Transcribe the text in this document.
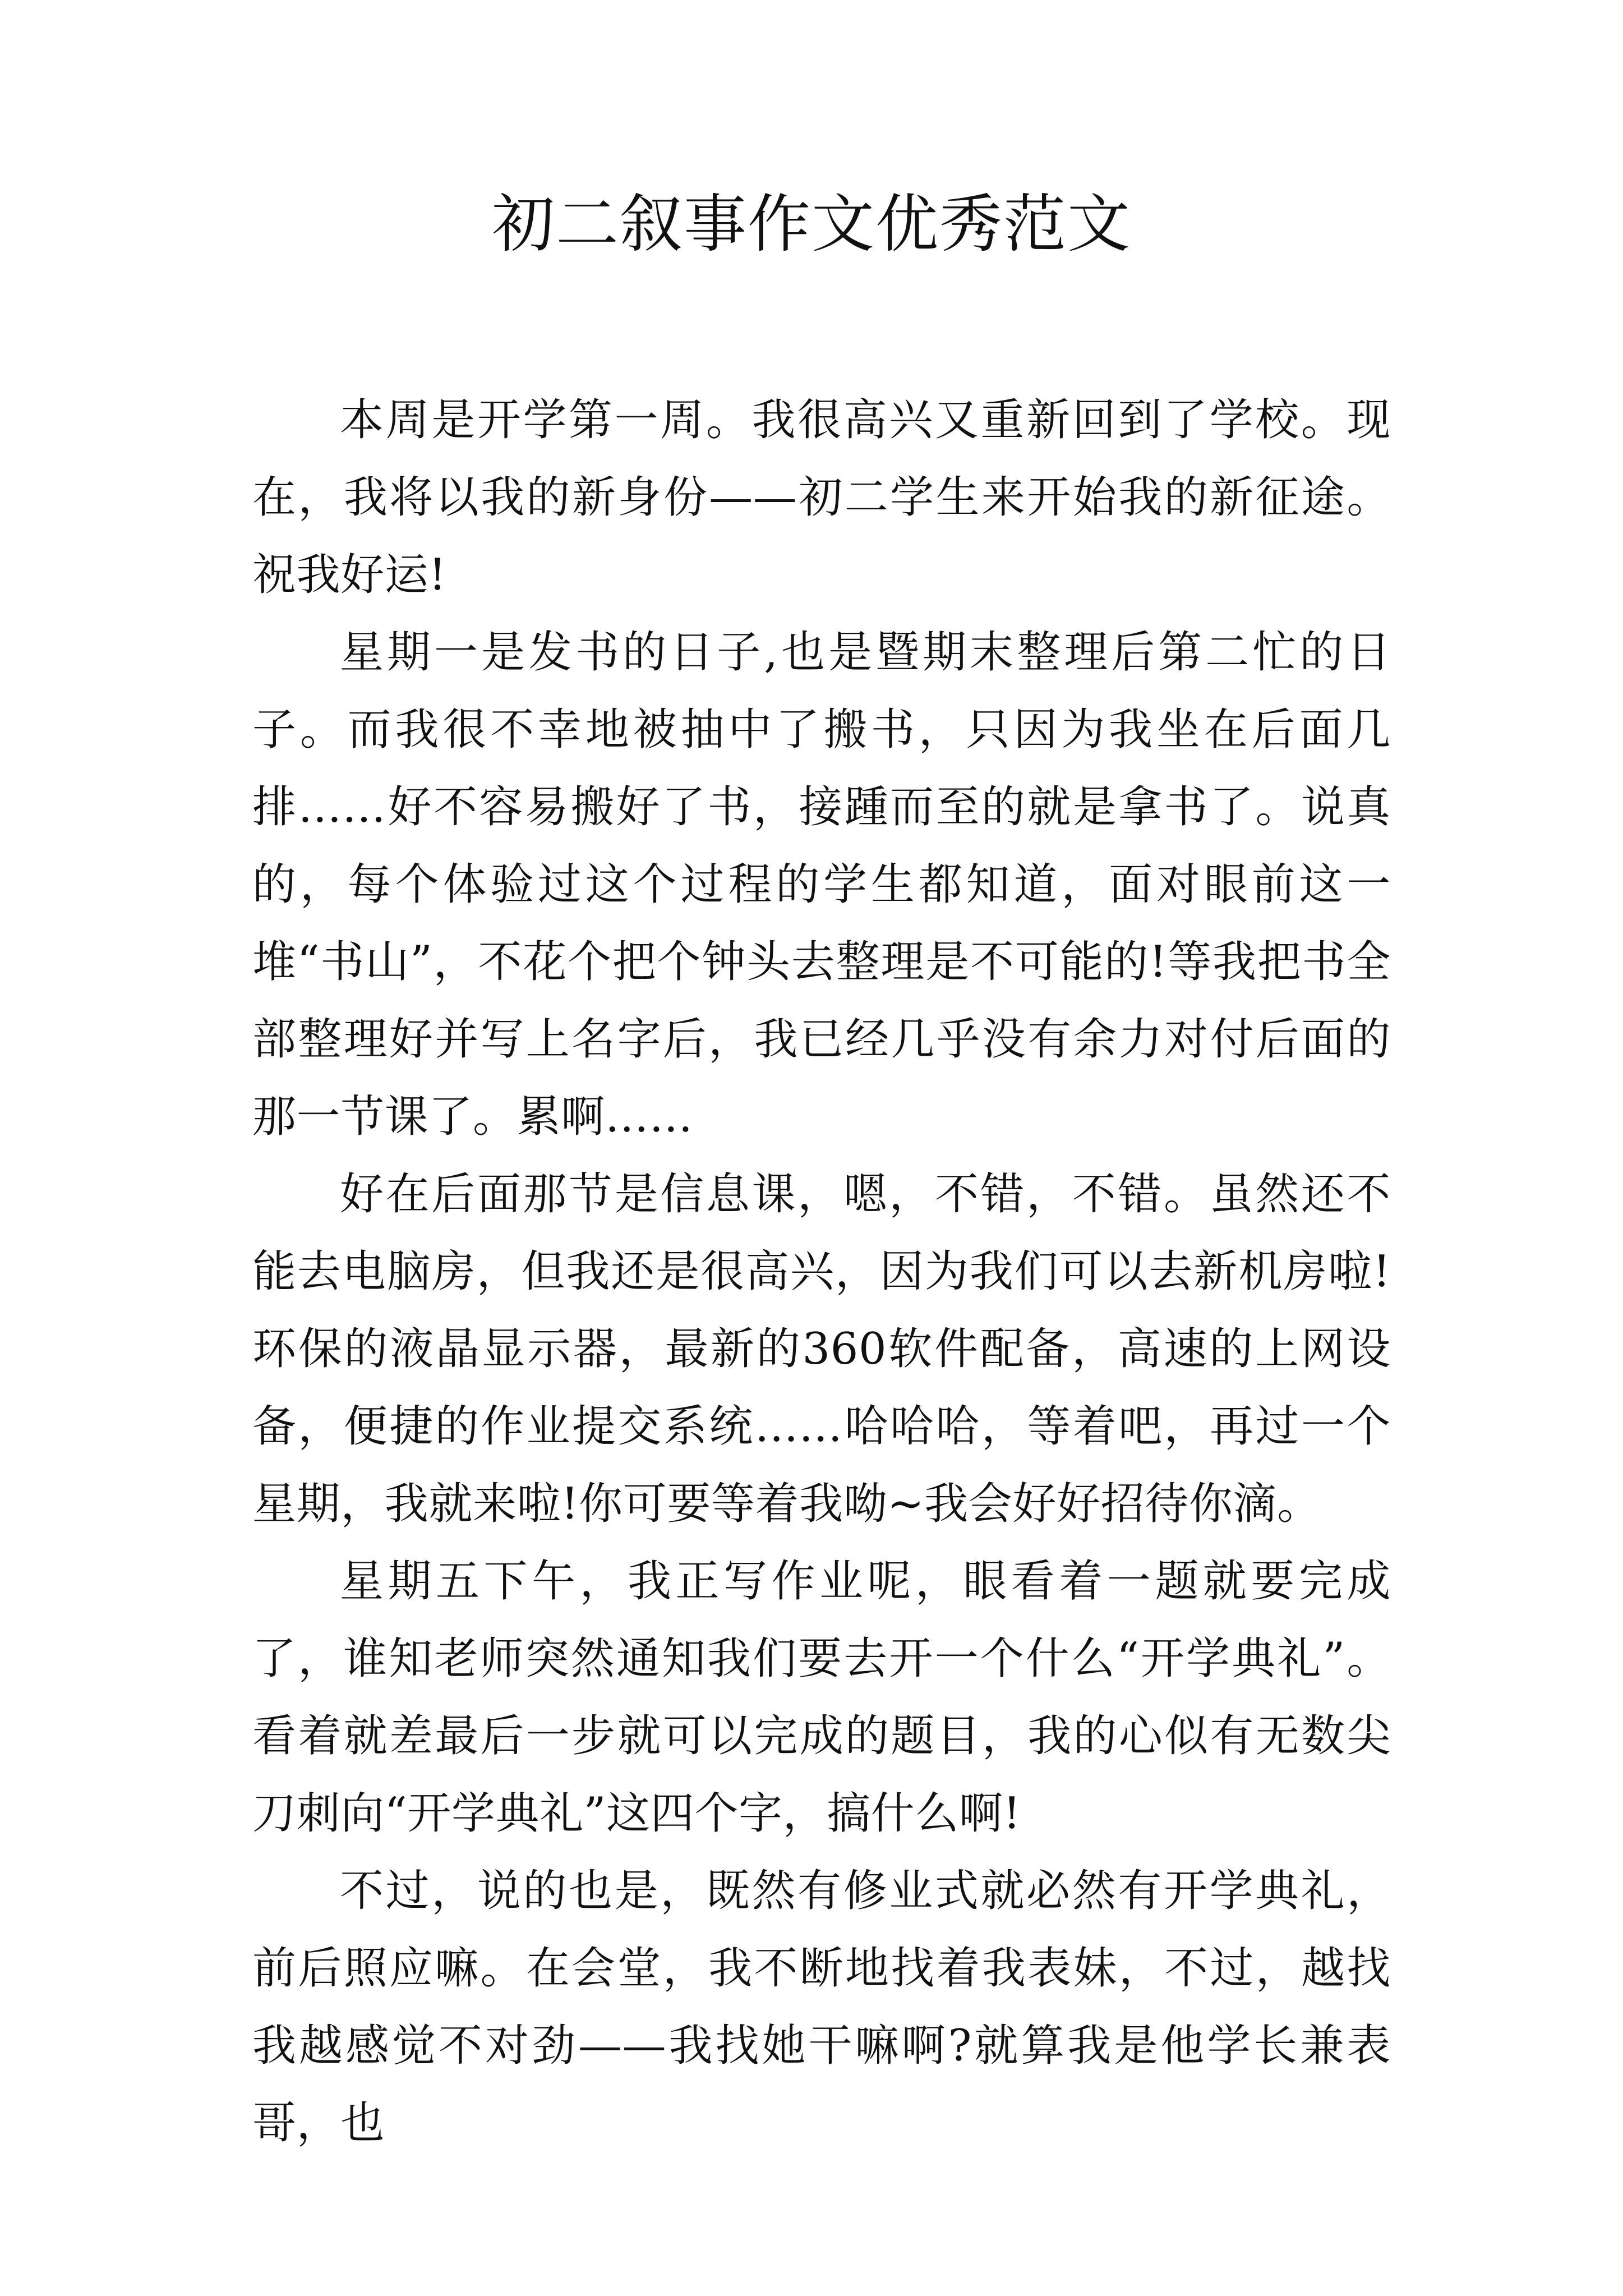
初二叙事作文优秀范文

本周是开学第一周。我很高兴又重新回到了学校。现在，我将以我的新身份——初二学生来开始我的新征途。祝我好运!

星期一是发书的日子,也是暨期末整理后第二忙的日子。而我很不幸地被抽中了搬书，只因为我坐在后面几排……好不容易搬好了书，接踵而至的就是拿书了。说真的，每个体验过这个过程的学生都知道，面对眼前这一堆“书山”，不花个把个钟头去整理是不可能的!等我把书全部整理好并写上名字后，我已经几乎没有余力对付后面的那一节课了。累啊……

好在后面那节是信息课，嗯，不错，不错。虽然还不能去电脑房，但我还是很高兴，因为我们可以去新机房啦!环保的液晶显示器，最新的360软件配备，高速的上网设备，便捷的作业提交系统……哈哈哈，等着吧，再过一个星期，我就来啦!你可要等着我呦~我会好好招待你滴。

星期五下午，我正写作业呢，眼看着一题就要完成了，谁知老师突然通知我们要去开一个什么“开学典礼”。看着就差最后一步就可以完成的题目，我的心似有无数尖刀刺向“开学典礼”这四个字，搞什么啊!

不过，说的也是，既然有修业式就必然有开学典礼，前后照应嘛。在会堂，我不断地找着我表妹，不过，越找我越感觉不对劲——我找她干嘛啊?就算我是他学长兼表哥，也
